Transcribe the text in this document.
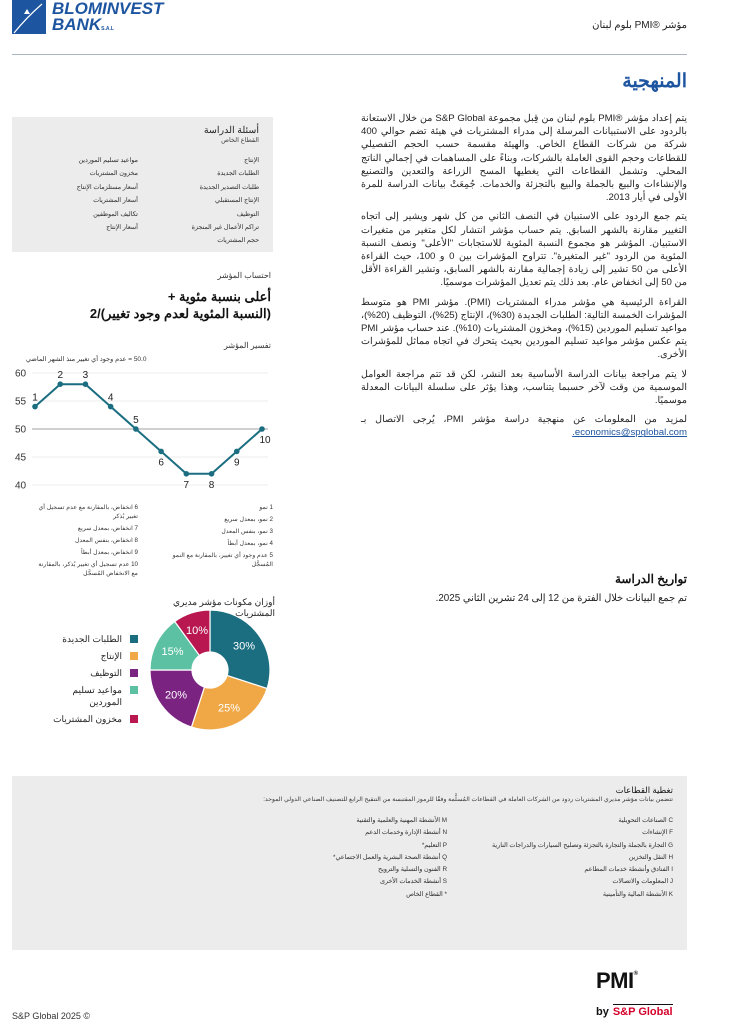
BLOMINVEST
BANKS.A.L	مؤشر ®PMI بلوم لبنان
المنهجية

يتم إعداد مؤشر ®PMI بلوم لبنان من قِبل مجموعة S&P Global من خلال الاستعانة بالردود على الاستبيانات المرسلة إلى مدراء المشتريات في هيئة تضم حوالي 400 شركة من شركات القطاع الخاص. والهيئة مقسمة حسب الحجم التفصيلي للقطاعات وحجم القوى العاملة بالشركات، وبناءً على المساهمات في إجمالي الناتج المحلي. وتشمل القطاعات التي يغطيها المسح الزراعة والتعدين والتصنيع والإنشاءات والبيع بالجملة والبيع بالتجزئة والخدمات. جُمِعَتْ بيانات الدراسة للمرة الأولى في أيار 2013.

يتم جمع الردود على الاستبيان في النصف الثاني من كل شهر ويشير إلى اتجاه التغيير مقارنة بالشهر السابق. يتم حساب مؤشر انتشار لكل متغير من متغيرات الاستبيان. المؤشر هو مجموع النسبة المئوية للاستجابات "الأعلى" ونصف النسبة المئوية من الردود "غير المتغيرة". تتراوح المؤشرات بين 0 و 100، حيث القراءة الأعلى من 50 تشير إلى زيادة إجمالية مقارنة بالشهر السابق، وتشير القراءة الأقل من 50 إلى انخفاض عام. بعد ذلك يتم تعديل المؤشرات موسميًا.

القراءة الرئيسية هي مؤشر مدراء المشتريات (PMI). مؤشر PMI هو متوسط المؤشرات الخمسة التالية: الطلبات الجديدة (30%)، الإنتاج (25%)، التوظيف (20%)، مواعيد تسليم الموردين (15%)، ومخزون المشتريات (10%). عند حساب مؤشر PMI يتم عكس مؤشر مواعيد تسليم الموردين بحيث يتحرك في اتجاه مماثل للمؤشرات الأخرى.

لا يتم مراجعة بيانات الدراسة الأساسية بعد النشر، لكن قد تتم مراجعة العوامل الموسمية من وقت لآخر حسبما يتناسب، وهذا يؤثر على سلسلة البيانات المعدلة موسميًا.

لمزيد من المعلومات عن منهجية دراسة مؤشر PMI، يُرجى الاتصال بـ economics@spglobal.com.

أسئلة الدراسة
القطاع الخاص
الإنتاج
الطلبات الجديدة
طلبات التصدير الجديدة
الإنتاج المستقبلي
التوظيف
تراكم الأعمال غير المنجزة
حجم المشتريات
مواعيد تسليم الموردين
مخزون المشتريات
أسعار مستلزمات الإنتاج
أسعار المشتريات
تكاليف الموظفين
أسعار الإنتاج
احتساب المؤشر
أعلى بنسبة مئوية +
(النسبة المئوية لعدم وجود تغيير)/2
تفسير المؤشر
50.0 = عدم وجود أي تغيير منذ الشهر الماضي
40
45
50
55
60
1
2 3
4
5
6
7 8
9
10
1 نمو
2 نمو، بمعدل سريع
3 نمو، بنفس المعدل
4 نمو، بمعدل أبطأ
5 عدم وجود أي تغيير، بالمقارنة مع النمو المُسجَّل
6 انخفاض، بالمقارنة مع عدم تسجيل أي تغيير يُذكر
7 انخفاض، بمعدل سريع
8 انخفاض، بنفس المعدل
9 انخفاض، بمعدل أبطأ
10 عدم تسجيل أي تغيير يُذكر، بالمقارنة مع الانخفاض المُسجَّل
أوزان مكونات مؤشر مديري المشتريات
30%
25%
20%
15%
10%
الطلبات الجديدة
الإنتاج
التوظيف
مواعيد تسليم الموردين
مخزون المشتريات
تواريخ الدراسة
تم جمع البيانات خلال الفترة من 12 إلى 24 تشرين الثاني 2025.
تغطية القطاعات
تتضمن بيانات مؤشر مديري المشتريات ردود من الشركات العاملة في القطاعات المُسلَّمة وفقًا للرموز المقتبسة من التنقيح الرابع للتصنيف الصناعي الدولي الموحد:
C الصناعات التحويلية
F الإنشاءات
G التجارة بالجملة والتجارة بالتجزئة وتصليح السيارات والدراجات النارية
H النقل والتخزين
I الفنادق وأنشطة خدمات المطاعم
J المعلومات والاتصالات
K الأنشطة المالية والتأمينية
M الأنشطة المهنية والعلمية والتقنية
N أنشطة الإدارة وخدمات الدعم
P التعليم*
Q أنشطة الصحة البشرية والعمل الاجتماعي*
R الفنون والتسلية والترويح
S أنشطة الخدمات الأخرى
* القطاع الخاص
S&P Global 2025 ©
PMI®
by S&P Global
